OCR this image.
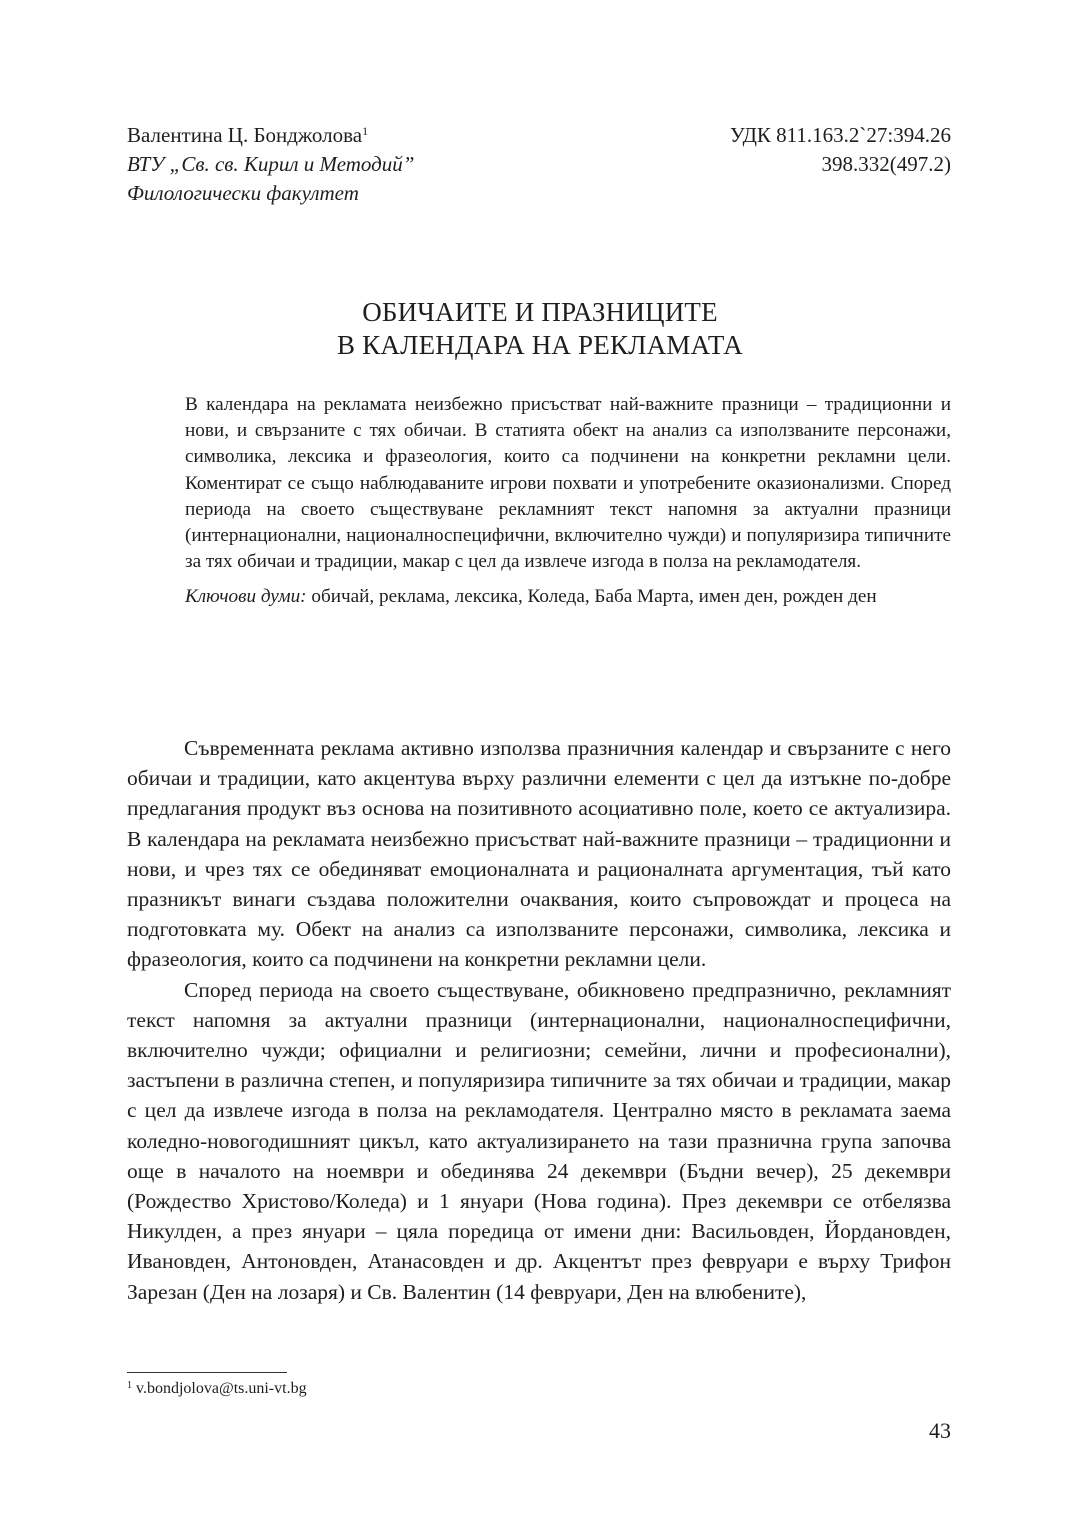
Валентина Ц. Бонджолова$^1$
ВТУ „Св. св. Кирил и Методий”
Филологически факултет
УДК 811.163.2`27:394.26
398.332(497.2)
ОБИЧАИТЕ И ПРАЗНИЦИТЕ
В КАЛЕНДАРА НА РЕКЛАМАТА

В календара на рекламата неизбежно присъстват най-важните празници – традиционни и нови, и свързаните с тях обичаи. В статията обект на анализ са използваните персонажи, символика, лексика и фразеология, които са подчинени на конкретни рекламни цели. Коментират се също наблюдаваните игрови похвати и употребените оказионализми. Според периода на своето съществуване рекламният текст напомня за актуални празници (интернационални, националноспецифични, включително чужди) и популяризира типичните за тях обичаи и традиции, макар с цел да извлече изгода в полза на рекламодателя.

Ключови думи: обичай, реклама, лексика, Коледа, Баба Марта, имен ден, рожден ден

Съвременната реклама активно използва празничния календар и свързаните с него обичаи и традиции, като акцентува върху различни елементи с цел да изтъкне по-добре предлагания продукт въз основа на позитивното асоциативно поле, което се актуализира. В календара на рекламата неизбежно присъстват най-важните празници – традиционни и нови, и чрез тях се обединяват емоционалната и рационалната аргументация, тъй като празникът винаги създава положителни очаквания, които съпровождат и процеса на подготовката му. Обект на анализ са използваните персонажи, символика, лексика и фразеология, които са подчинени на конкретни рекламни цели.

Според периода на своето съществуване, обикновено предпразнично, рекламният текст напомня за актуални празници (интернационални, националноспецифични, включително чужди; официални и религиозни; семейни, лични и професионални), застъпени в различна степен, и популяризира типичните за тях обичаи и традиции, макар с цел да извлече изгода в полза на рекламодателя. Централно място в рекламата заема коледно-новогодишният цикъл, като актуализирането на тази празнична група започва още в началото на ноември и обединява 24 декември (Бъдни вечер), 25 декември (Рождество Христово/Коледа) и 1 януари (Нова година). През декември се отбелязва Никулден, а през януари – цяла поредица от имени дни: Васильовден, Йордановден, Ивановден, Антоновден, Атанасовден и др. Акцентът през февруари е върху Трифон Зарезан (Ден на лозаря) и Св. Валентин (14 февруари, Ден на влюбените),

$^1$ v.bondjolova@ts.uni-vt.bg
43
